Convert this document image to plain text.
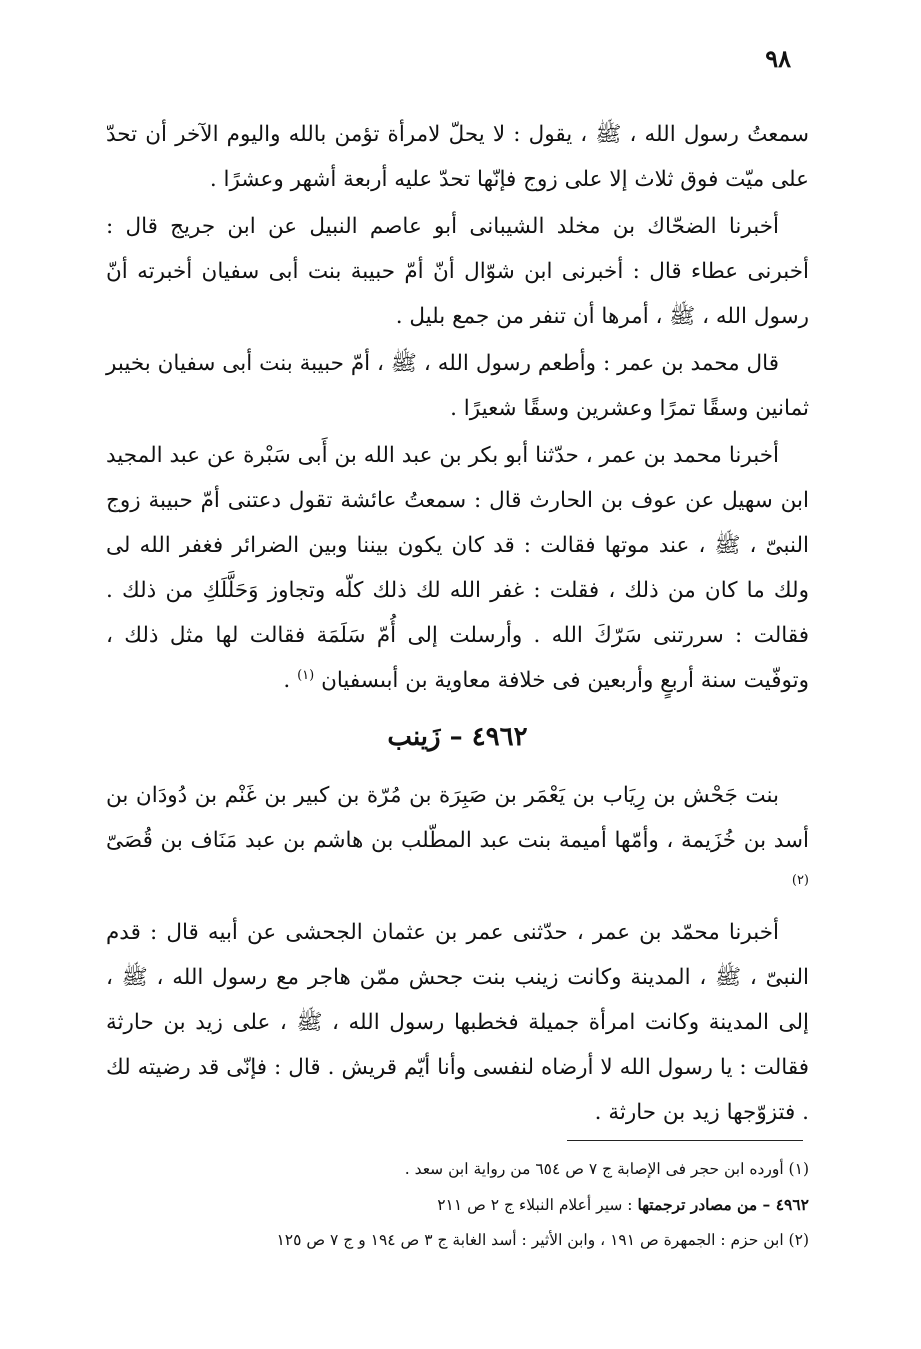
٩٨

سمعتُ رسول الله ، ﷺ ، يقول : لا يحلّ لامرأة تؤمن بالله واليوم الآخر أن تحدّ على ميّت فوق ثلاث إلا على زوج فإنّها تحدّ عليه أربعة أشهر وعشرًا .

أخبرنا الضحّاك بن مخلد الشيبانى أبو عاصم النبيل عن ابن جريج قال : أخبرنى عطاء قال : أخبرنى ابن شوّال أنّ أمّ حبيبة بنت أبى سفيان أخبرته أنّ رسول الله ، ﷺ ، أمرها أن تنفر من جمع بليل .

قال محمد بن عمر : وأطعم رسول الله ، ﷺ ، أمّ حبيبة بنت أبى سفيان بخيبر ثمانين وسقًا تمرًا وعشرين وسقًا شعيرًا .

أخبرنا محمد بن عمر ، حدّثنا أبو بكر بن عبد الله بن أَبى سَبْرة عن عبد المجيد ابن سهيل عن عوف بن الحارث قال : سمعتُ عائشة تقول دعتنى أمّ حبيبة زوج النبىّ ، ﷺ ، عند موتها فقالت : قد كان يكون بيننا وبين الضرائر فغفر الله لى ولك ما كان من ذلك ، فقلت : غفر الله لك ذلك كلّه وتجاوز وَحَلَّلَكِ من ذلك . فقالت : سررتنى سَرّكَ الله . وأرسلت إلى أُمّ سَلَمَة فقالت لها مثل ذلك ، وتوفّيت سنة أربعٍ وأربعين فى خلافة معاوية بن أبىسفيان $^{(١)}$ .

٤٩٦٢ – زَينب

بنت جَحْش بن رِيَاب بن يَعْمَر بن صَبِرَة بن مُرّة بن كبير بن غَنْم بن دُودَان بن أسد بن خُزَيمة ، وأمّها أميمة بنت عبد المطّلب بن هاشم بن عبد مَنَاف بن قُصَىّ $^{(٢)}$

أخبرنا محمّد بن عمر ، حدّثنى عمر بن عثمان الجحشى عن أبيه قال : قدم النبىّ ، ﷺ ، المدينة وكانت زينب بنت جحش ممّن هاجر مع رسول الله ، ﷺ ، إلى المدينة وكانت امرأة جميلة فخطبها رسول الله ، ﷺ ، على زيد بن حارثة فقالت : يا رسول الله لا أرضاه لنفسى وأنا أيّم قريش . قال : فإنّى قد رضيته لك . فتزوّجها زيد بن حارثة .

(١) أورده ابن حجر فى الإصابة ج ٧ ص ٦٥٤ من رواية ابن سعد .

٤٩٦٢ – من مصادر ترجمتها : سير أعلام النبلاء ج ٢ ص ٢١١

(٢) ابن حزم : الجمهرة ص ١٩١ ، وابن الأثير : أسد الغابة ج ٣ ص ١٩٤ و ج ٧ ص ١٢٥
